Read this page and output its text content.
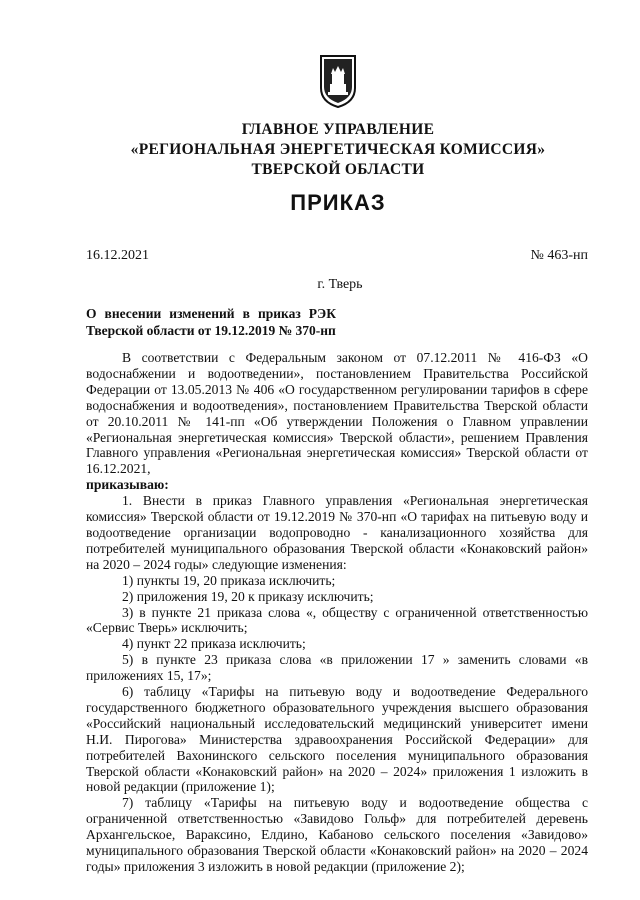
ГЛАВНОЕ УПРАВЛЕНИЕ
«РЕГИОНАЛЬНАЯ ЭНЕРГЕТИЧЕСКАЯ КОМИССИЯ»
ТВЕРСКОЙ ОБЛАСТИ
ПРИКАЗ
16.12.2021	№ 463-нп
г. Тверь
О внесении изменений в приказ РЭК Тверской области от 19.12.2019 № 370-нп

В соответствии с Федеральным законом от 07.12.2011 № 416-ФЗ «О водоснабжении и водоотведении», постановлением Правительства Российской Федерации от 13.05.2013 № 406 «О государственном регулировании тарифов в сфере водоснабжения и водоотведения», постановлением Правительства Тверской области от 20.10.2011 № 141-пп «Об утверждении Положения о Главном управлении «Региональная энергетическая комиссия» Тверской области», решением Правления Главного управления «Региональная энергетическая комиссия» Тверской области от 16.12.2021,

приказываю:

1. Внести в приказ Главного управления «Региональная энергетическая комиссия» Тверской области от 19.12.2019 № 370-нп «О тарифах на питьевую воду и водоотведение организации водопроводно - канализационного хозяйства для потребителей муниципального образования Тверской области «Конаковский район» на 2020 – 2024 годы» следующие изменения:

1) пункты 19, 20 приказа исключить;

2) приложения 19, 20 к приказу исключить;

3) в пункте 21 приказа слова «, обществу с ограниченной ответственностью «Сервис Тверь» исключить;

4) пункт 22 приказа исключить;

5) в пункте 23 приказа слова «в приложении 17 » заменить словами «в приложениях 15, 17»;

6) таблицу «Тарифы на питьевую воду и водоотведение Федерального государственного бюджетного образовательного учреждения высшего образования «Российский национальный исследовательский медицинский университет имени Н.И. Пирогова» Министерства здравоохранения Российской Федерации» для потребителей Вахонинского сельского поселения муниципального образования Тверской области «Конаковский район» на 2020 – 2024» приложения 1 изложить в новой редакции (приложение 1);

7) таблицу «Тарифы на питьевую воду и водоотведение общества с ограниченной ответственностью «Завидово Гольф» для потребителей деревень Архангельское, Вараксино, Елдино, Кабаново сельского поселения «Завидово» муниципального образования Тверской области «Конаковский район» на 2020 – 2024 годы» приложения 3 изложить в новой редакции (приложение 2);
